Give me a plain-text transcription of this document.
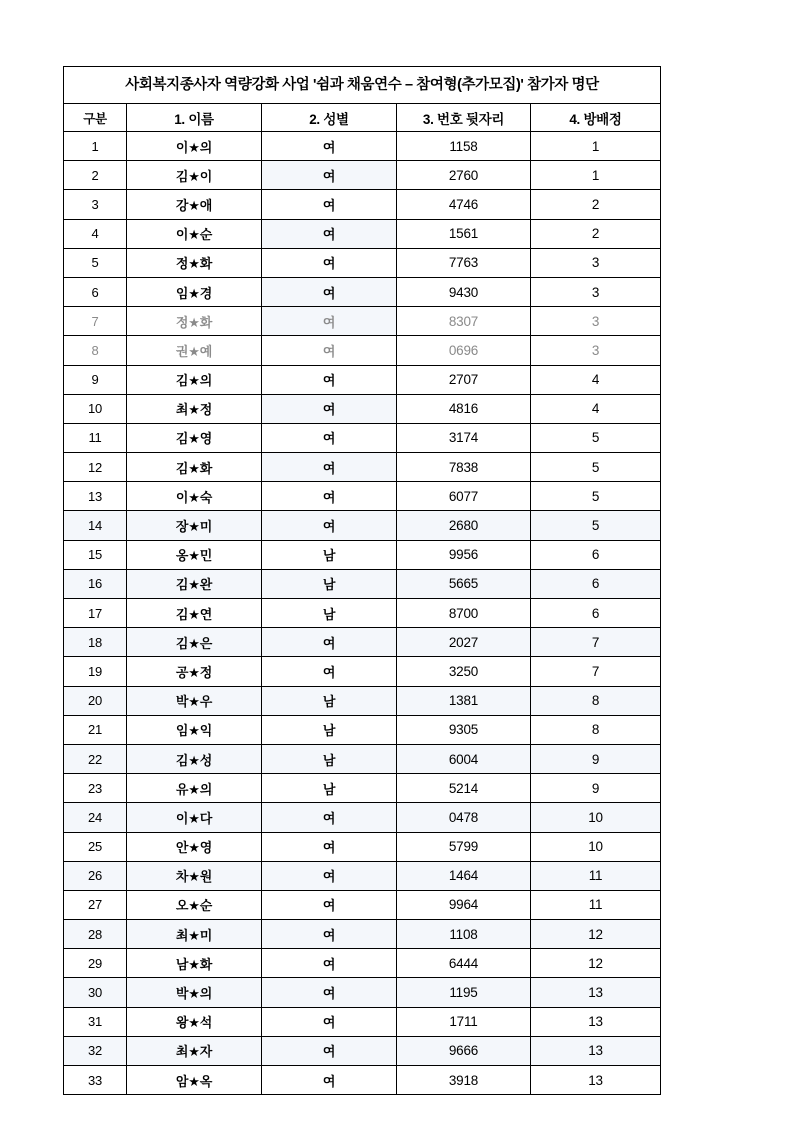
사회복지종사자 역량강화 사업 '쉼과 채움연수 – 참여형(추가모집)' 참가자 명단				
구분	1. 이름	2. 성별	3. 번호 뒷자리	4. 방배정
1	이★의	여	1158	1
2	김★이	여	2760	1
3	강★애	여	4746	2
4	이★순	여	1561	2
5	정★화	여	7763	3
6	임★경	여	9430	3
7	정★화	여	8307	3
8	권★예	여	0696	3
9	김★의	여	2707	4
10	최★정	여	4816	4
11	김★영	여	3174	5
12	김★화	여	7838	5
13	이★숙	여	6077	5
14	장★미	여	2680	5
15	옹★민	남	9956	6
16	김★완	남	5665	6
17	김★연	남	8700	6
18	김★은	여	2027	7
19	공★정	여	3250	7
20	박★우	남	1381	8
21	임★익	남	9305	8
22	김★성	남	6004	9
23	유★의	남	5214	9
24	이★다	여	0478	10
25	안★영	여	5799	10
26	차★원	여	1464	11
27	오★순	여	9964	11
28	최★미	여	1108	12
29	남★화	여	6444	12
30	박★의	여	1195	13
31	왕★석	여	1711	13
32	최★자	여	9666	13
33	암★옥	여	3918	13
